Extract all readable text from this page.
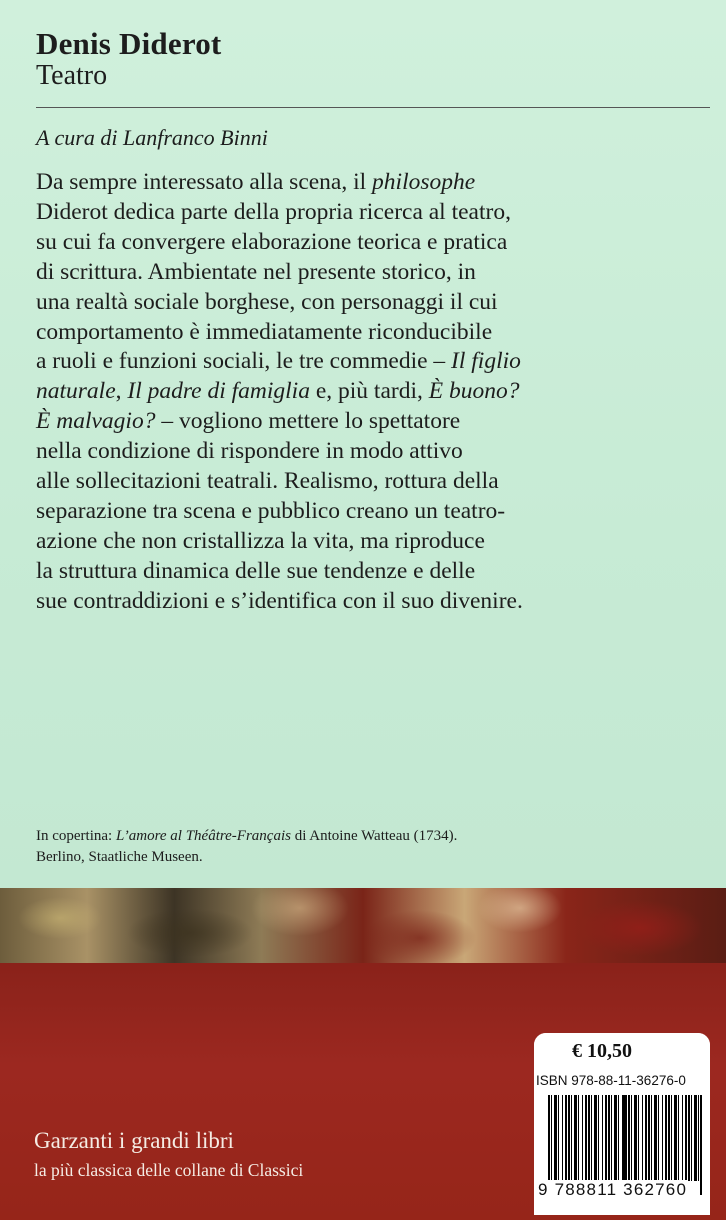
Denis Diderot
Teatro
A cura di Lanfranco Binni
Da sempre interessato alla scena, il philosophe
Diderot dedica parte della propria ricerca al teatro,
su cui fa convergere elaborazione teorica e pratica
di scrittura. Ambientate nel presente storico, in
una realtà sociale borghese, con personaggi il cui
comportamento è immediatamente riconducibile
a ruoli e funzioni sociali, le tre commedie – Il figlio
naturale, Il padre di famiglia e, più tardi, È buono?
È malvagio? – vogliono mettere lo spettatore
nella condizione di rispondere in modo attivo
alle sollecitazioni teatrali. Realismo, rottura della
separazione tra scena e pubblico creano un teatro-
azione che non cristallizza la vita, ma riproduce
la struttura dinamica delle sue tendenze e delle
sue contraddizioni e s’identifica con il suo divenire.
In copertina: L’amore al Théâtre-Français di Antoine Watteau (1734).
Berlino, Staatliche Museen.
Garzanti i grandi libri
la più classica delle collane di Classici
€ 10,50
ISBN 978-88-11-36276-0
9 788811 362760
